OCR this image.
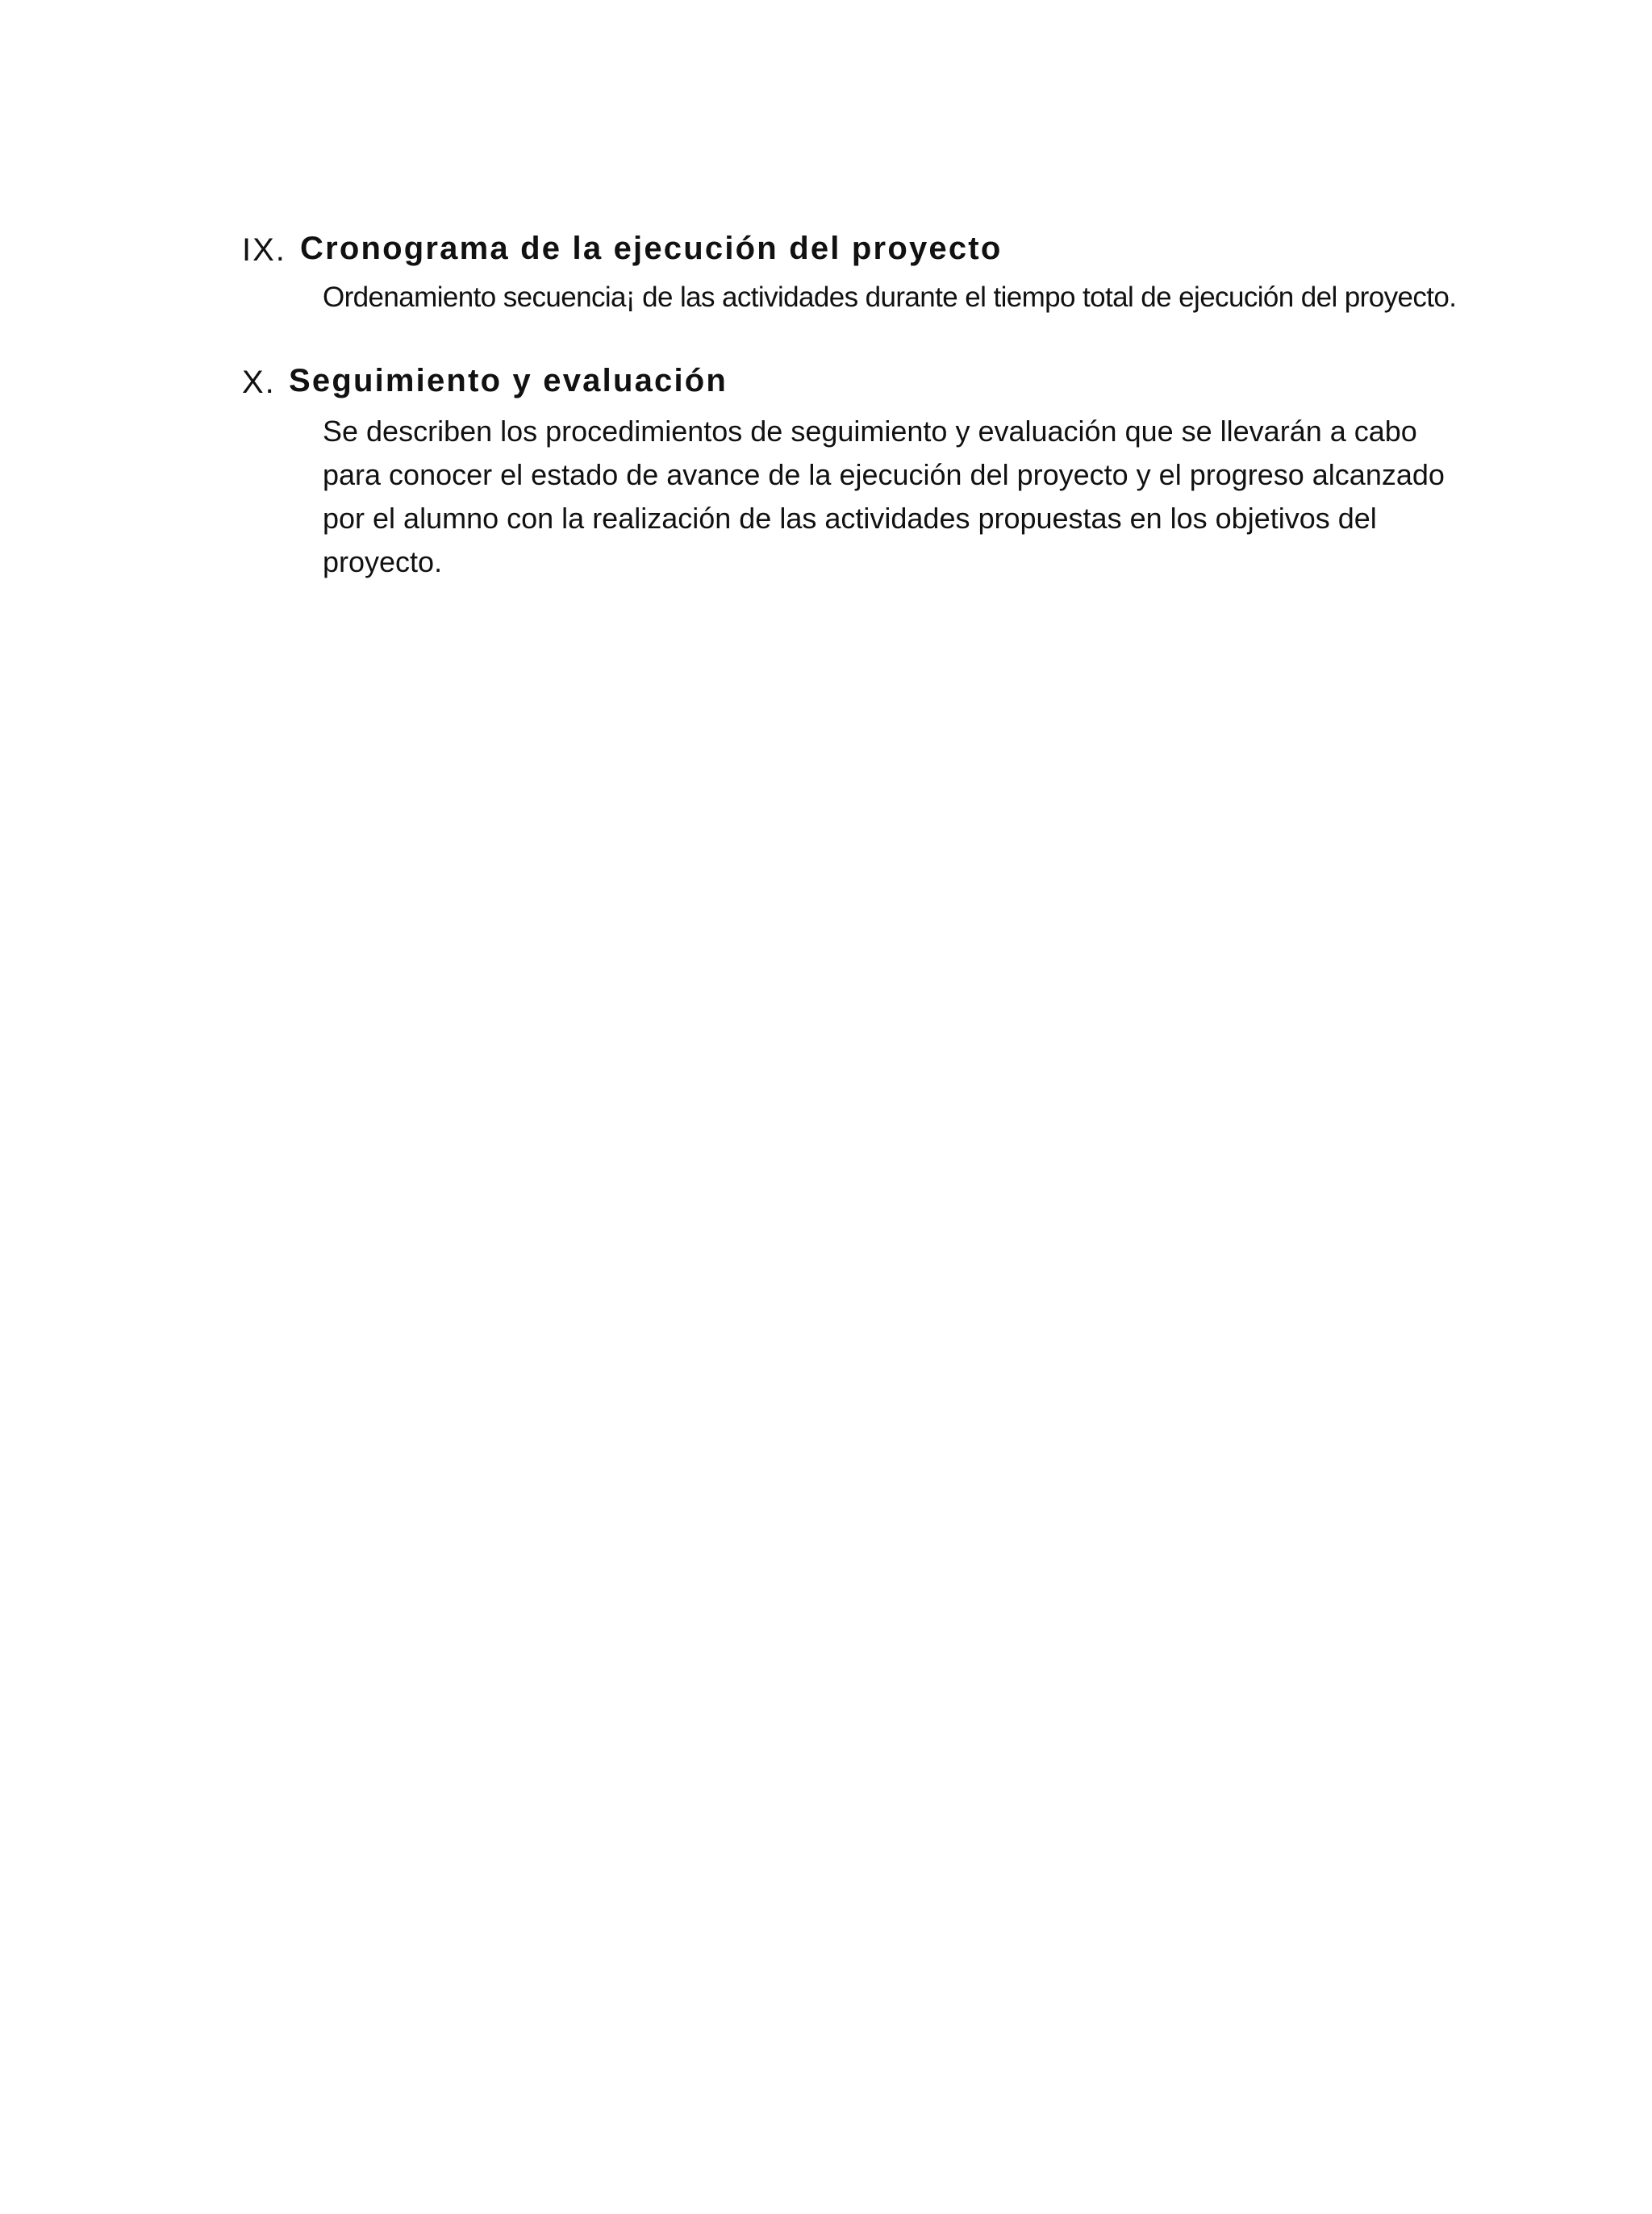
IX. Cronograma de la ejecución del proyecto

Ordenamiento secuencia¡ de las actividades durante el tiempo total de ejecución del proyecto.

X. Seguimiento y evaluación

Se describen los procedimientos de seguimiento y evaluación que se llevarán a cabo para conocer el estado de avance de la ejecución del proyecto y el progreso alcanzado por el alumno con la realización de las actividades propuestas en los objetivos del proyecto.
